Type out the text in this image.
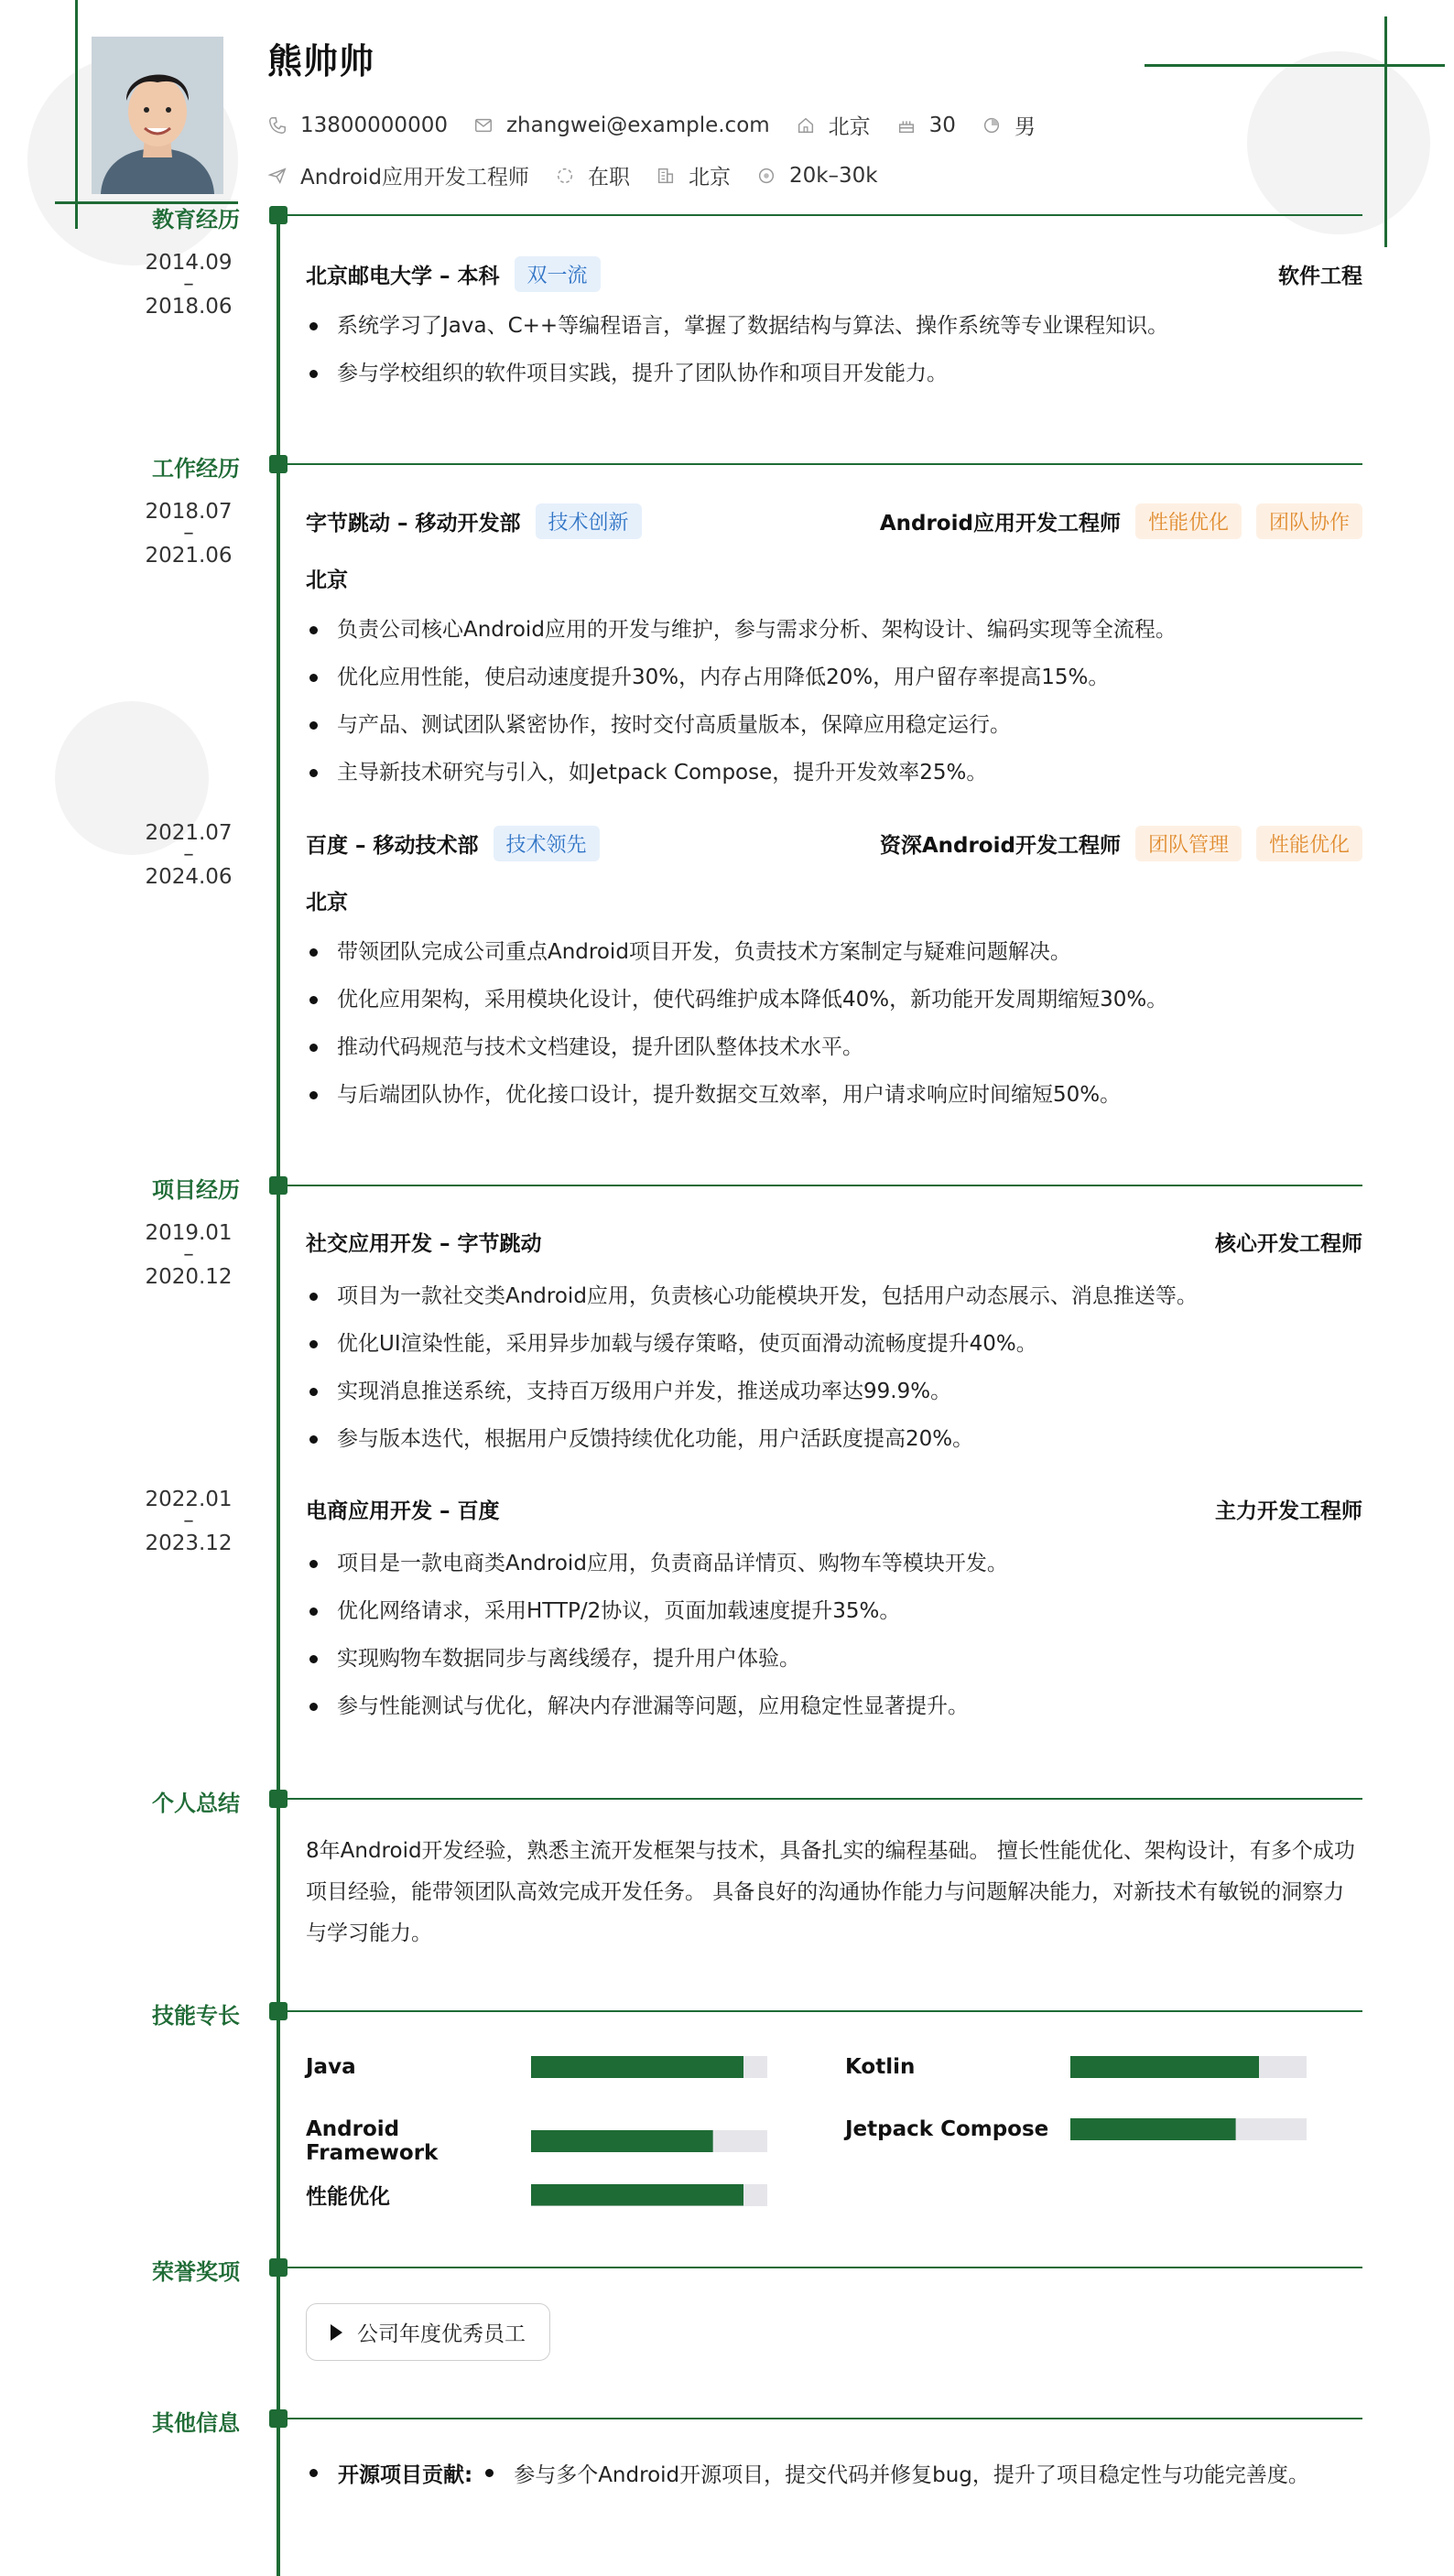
熊帅帅
13800000000	zhangwei@example.com	北京	30	男
Android应用开发工程师	在职	北京	20k–30k
教育经历
2014.09
–
2018.06
北京邮电大学 – 本科	双一流	软件工程
系统学习了Java、C++等编程语言，掌握了数据结构与算法、操作系统等专业课程知识。
参与学校组织的软件项目实践，提升了团队协作和项目开发能力。
工作经历
2018.07
–
2021.06
字节跳动 – 移动开发部	技术创新	Android应用开发工程师	性能优化	团队协作
北京
负责公司核心Android应用的开发与维护，参与需求分析、架构设计、编码实现等全流程。
优化应用性能，使启动速度提升30%，内存占用降低20%，用户留存率提高15%。
与产品、测试团队紧密协作，按时交付高质量版本，保障应用稳定运行。
主导新技术研究与引入，如Jetpack Compose，提升开发效率25%。
2021.07
–
2024.06
百度 – 移动技术部	技术领先	资深Android开发工程师	团队管理	性能优化
北京
带领团队完成公司重点Android项目开发，负责技术方案制定与疑难问题解决。
优化应用架构，采用模块化设计，使代码维护成本降低40%，新功能开发周期缩短30%。
推动代码规范与技术文档建设，提升团队整体技术水平。
与后端团队协作，优化接口设计，提升数据交互效率，用户请求响应时间缩短50%。
项目经历
2019.01
–
2020.12
社交应用开发 – 字节跳动	核心开发工程师
项目为一款社交类Android应用，负责核心功能模块开发，包括用户动态展示、消息推送等。
优化UI渲染性能，采用异步加载与缓存策略，使页面滑动流畅度提升40%。
实现消息推送系统，支持百万级用户并发，推送成功率达99.9%。
参与版本迭代，根据用户反馈持续优化功能，用户活跃度提高20%。
2022.01
–
2023.12
电商应用开发 – 百度	主力开发工程师
项目是一款电商类Android应用，负责商品详情页、购物车等模块开发。
优化网络请求，采用HTTP/2协议，页面加载速度提升35%。
实现购物车数据同步与离线缓存，提升用户体验。
参与性能测试与优化，解决内存泄漏等问题，应用稳定性显著提升。
个人总结
8年Android开发经验，熟悉主流开发框架与技术，具备扎实的编程基础。 擅长性能优化、架构设计，有多个成功项目经验，能带领团队高效完成开发任务。 具备良好的沟通协作能力与问题解决能力，对新技术有敏锐的洞察力与学习能力。
技能专长
Java	Kotlin
Android Framework
Jetpack Compose
性能优化
荣誉奖项
公司年度优秀员工
其他信息
开源项目贡献: 参与多个Android开源项目，提交代码并修复bug，提升了项目稳定性与功能完善度。
